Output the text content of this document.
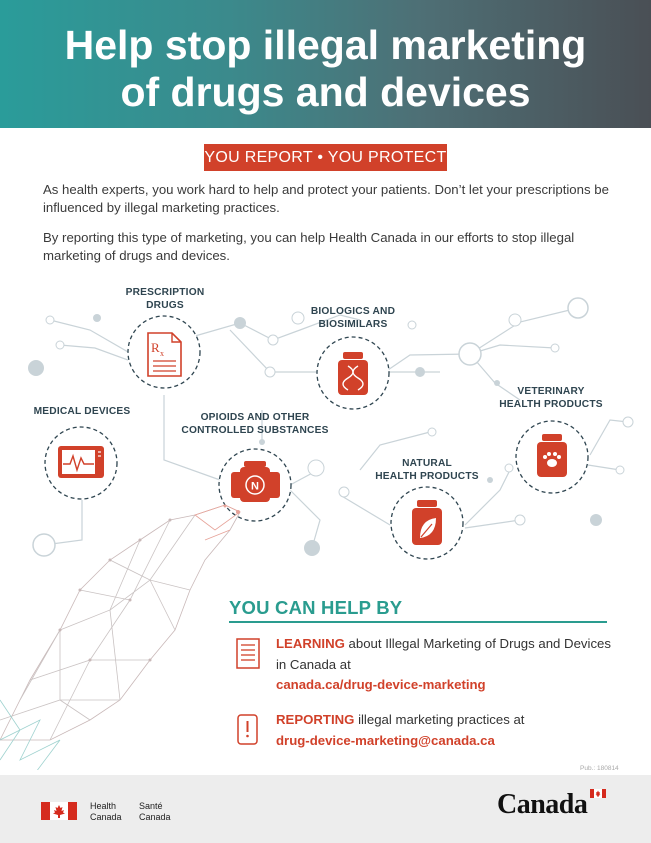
Help stop illegal marketing
of drugs and devices
YOU REPORT • YOU PROTECT

As health experts, you work hard to help and protect your patients. Don’t let your prescriptions be influenced by illegal marketing practices.

By reporting this type of marketing, you can help Health Canada in our efforts to stop illegal marketing of drugs and devices.

R x
N
PRESCRIPTION
DRUGS
BIOLOGICS AND
BIOSIMILARS
MEDICAL DEVICES
OPIOIDS AND OTHER
CONTROLLED SUBSTANCES
VETERINARY
HEALTH PRODUCTS
NATURAL
HEALTH PRODUCTS
YOU CAN HELP BY
LEARNING about Illegal Marketing of Drugs and Devices in Canada at
canada.ca/drug-device-marketing
REPORTING illegal marketing practices at
drug-device-marketing@canada.ca
Pub.: 180814
Health
Canada
Santé
Canada	Canada
